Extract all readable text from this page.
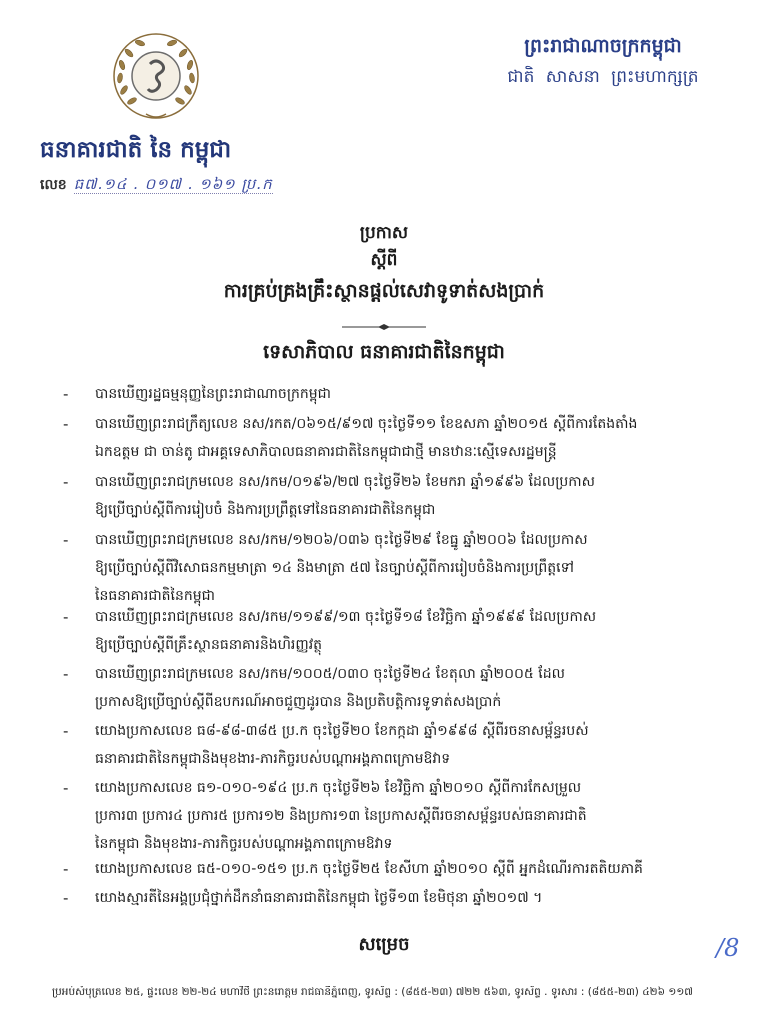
ធនាគារជាតិ នៃ កម្ពុជា
ព្រះរាជាណាចក្រកម្ពុជា
ជាតិ សាសនា ព្រះមហាក្សត្រ
លេខ ធ៧.១៤ . ០១៧ . ១៦១ ប្រ.ក
ប្រកាស
ស្តីពី
ការគ្រប់គ្រងគ្រឹះស្ថានផ្តល់សេវាទូទាត់សងប្រាក់
ទេសាភិបាល ធនាគារជាតិនៃកម្ពុជា
- បានឃើញរដ្ឋធម្មនុញ្ញនៃព្រះរាជាណាចក្រកម្ពុជា
- បានឃើញព្រះរាជក្រឹត្យលេខ នស/រកត/០៦១៥/៩១៧ ចុះថ្ងៃទី១១ ខែឧសភា ឆ្នាំ២០១៥ ស្តីពីការតែងតាំង
ឯកឧត្តម ជា ចាន់តូ ជាអគ្គទេសាភិបាលធនាគារជាតិនៃកម្ពុជាជាថ្មី មានឋានៈស្មើទេសរដ្ឋមន្ត្រី
- បានឃើញព្រះរាជក្រមលេខ នស/រកម/០១៩៦/២៧ ចុះថ្ងៃទី២៦ ខែមករា ឆ្នាំ១៩៩៦ ដែលប្រកាស
ឱ្យប្រើច្បាប់ស្តីពីការរៀបចំ និងការប្រព្រឹត្តទៅនៃធនាគារជាតិនៃកម្ពុជា
- បានឃើញព្រះរាជក្រមលេខ នស/រកម/១២០៦/០៣៦ ចុះថ្ងៃទី២៩ ខែធ្នូ ឆ្នាំ២០០៦ ដែលប្រកាស
ឱ្យប្រើច្បាប់ស្តីពីវិសោធនកម្មមាត្រា ១៤ និងមាត្រា ៥៧ នៃច្បាប់ស្តីពីការរៀបចំនិងការប្រព្រឹត្តទៅ
នៃធនាគារជាតិនៃកម្ពុជា
- បានឃើញព្រះរាជក្រមលេខ នស/រកម/១១៩៩/១៣ ចុះថ្ងៃទី១៨ ខែវិច្ឆិកា ឆ្នាំ១៩៩៩ ដែលប្រកាស
ឱ្យប្រើច្បាប់ស្តីពីគ្រឹះស្ថានធនាគារនិងហិរញ្ញវត្ថុ
- បានឃើញព្រះរាជក្រមលេខ នស/រកម/១០០៥/០៣០ ចុះថ្ងៃទី២៤ ខែតុលា ឆ្នាំ២០០៥ ដែល
ប្រកាសឱ្យប្រើច្បាប់ស្តីពីឧបករណ៍អាចជួញដូរបាន និងប្រតិបត្តិការទូទាត់សងប្រាក់
- យោងប្រកាសលេខ ធ៨-៩៨-៣៨៥ ប្រ.ក ចុះថ្ងៃទី២០ ខែកក្កដា ឆ្នាំ១៩៩៨ ស្តីពីរចនាសម្ព័ន្ធរបស់
ធនាគារជាតិនៃកម្ពុជានិងមុខងារ-ភារកិច្ចរបស់បណ្តាអង្គភាពក្រោមឱវាទ
- យោងប្រកាសលេខ ធ១-០១០-១៩៤ ប្រ.ក ចុះថ្ងៃទី២៦ ខែវិច្ឆិកា ឆ្នាំ២០១០ ស្តីពីការកែសម្រួល
ប្រការ៣ ប្រការ៤ ប្រការ៥ ប្រការ១២ និងប្រការ១៣ នៃប្រកាសស្តីពីរចនាសម្ព័ន្ធរបស់ធនាគារជាតិ
នៃកម្ពុជា និងមុខងារ-ភារកិច្ចរបស់បណ្តាអង្គភាពក្រោមឱវាទ
- យោងប្រកាសលេខ ធ៥-០១០-១៥១ ប្រ.ក ចុះថ្ងៃទី២៥ ខែសីហា ឆ្នាំ២០១០ ស្តីពី អ្នកដំណើរការតតិយភាគី
- យោងស្មារតីនៃអង្គប្រជុំថ្នាក់ដឹកនាំធនាគារជាតិនៃកម្ពុជា ថ្ងៃទី១៣ ខែមិថុនា ឆ្នាំ២០១៧ ។
សម្រេច	/8
ប្រអប់សំបុត្រលេខ ២៥, ផ្ទះលេខ ២២-២៤ មហាវិថី ព្រះនរោត្តម រាជធានីភ្នំពេញ, ទូរស័ព្ទ : (៨៥៥-២៣) ៧២២ ៥៦៣, ទូរស័ព្ទ . ទូរសារ : (៨៥៥-២៣) ៤២៦ ១១៧
